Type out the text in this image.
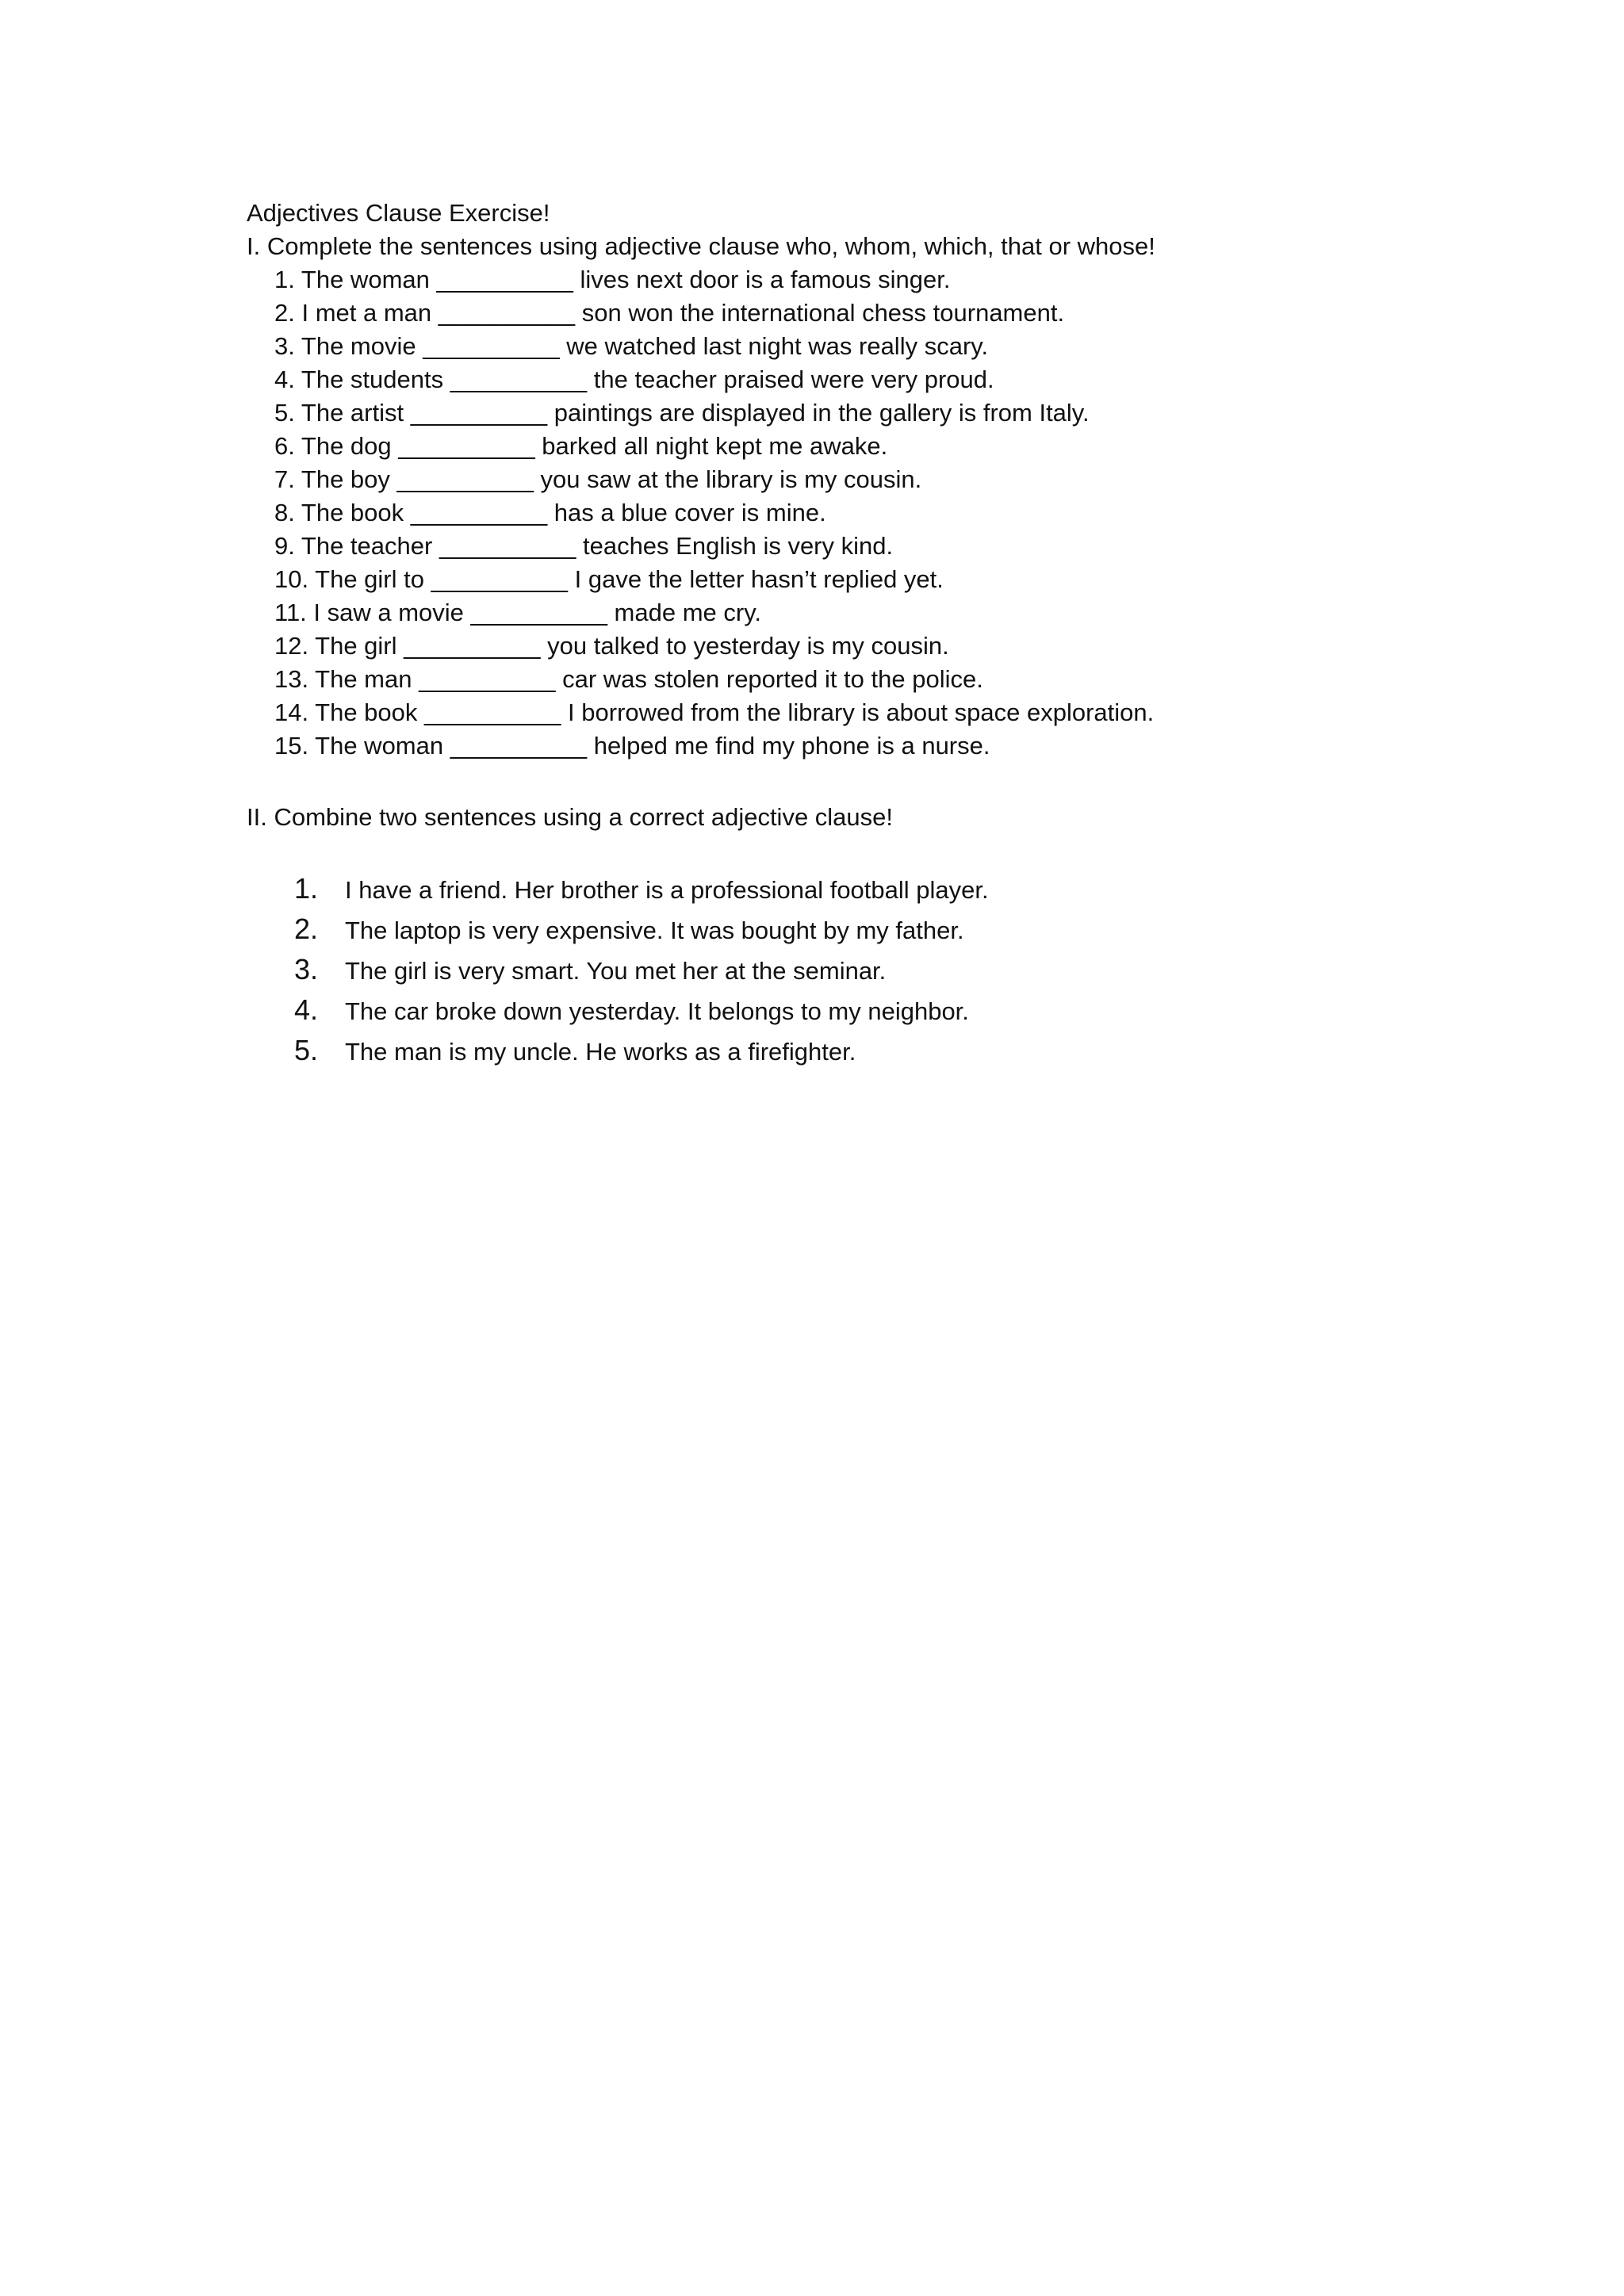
Adjectives Clause Exercise!

I. Complete the sentences using adjective clause who, whom, which, that or whose!

1. The woman __________ lives next door is a famous singer.
2. I met a man __________ son won the international chess tournament.
3. The movie __________ we watched last night was really scary.
4. The students __________ the teacher praised were very proud.
5. The artist __________ paintings are displayed in the gallery is from Italy.
6. The dog __________ barked all night kept me awake.
7. The boy __________ you saw at the library is my cousin.
8. The book __________ has a blue cover is mine.
9. The teacher __________ teaches English is very kind.
10. The girl to __________ I gave the letter hasn’t replied yet.
11. I saw a movie __________ made me cry.
12. The girl __________ you talked to yesterday is my cousin.
13. The man __________ car was stolen reported it to the police.
14. The book __________ I borrowed from the library is about space exploration.
15. The woman __________ helped me find my phone is a nurse.

II. Combine two sentences using a correct adjective clause!

1.	I have a friend. Her brother is a professional football player.
2.	The laptop is very expensive. It was bought by my father.
3.	The girl is very smart. You met her at the seminar.
4.	The car broke down yesterday. It belongs to my neighbor.
5.	The man is my uncle. He works as a firefighter.
